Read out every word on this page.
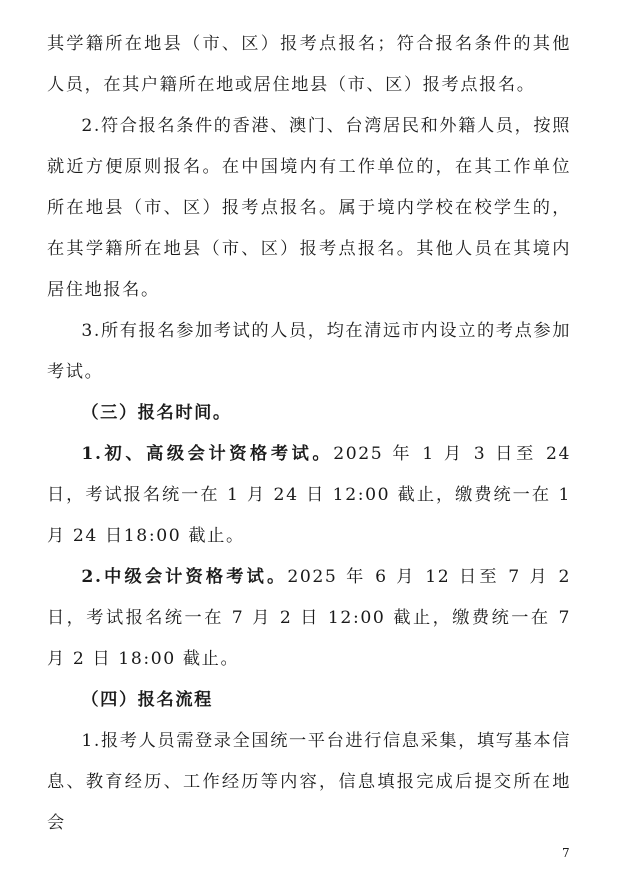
其学籍所在地县（市、区）报考点报名；符合报名条件的其他人员，在其户籍所在地或居住地县（市、区）报考点报名。

2.符合报名条件的香港、澳门、台湾居民和外籍人员，按照就近方便原则报名。在中国境内有工作单位的，在其工作单位所在地县（市、区）报考点报名。属于境内学校在校学生的，在其学籍所在地县（市、区）报考点报名。其他人员在其境内居住地报名。

3.所有报名参加考试的人员，均在清远市内设立的考点参加考试。

（三）报名时间。

1.初、高级会计资格考试。2025 年 1 月 3 日至 24 日，考试报名统一在 1 月 24 日 12:00 截止，缴费统一在 1 月 24 日18:00 截止。

2.中级会计资格考试。2025 年 6 月 12 日至 7 月 2 日，考试报名统一在 7 月 2 日 12:00 截止，缴费统一在 7 月 2 日 18:00 截止。

（四）报名流程

1.报考人员需登录全国统一平台进行信息采集，填写基本信息、教育经历、工作经历等内容，信息填报完成后提交所在地会

7
